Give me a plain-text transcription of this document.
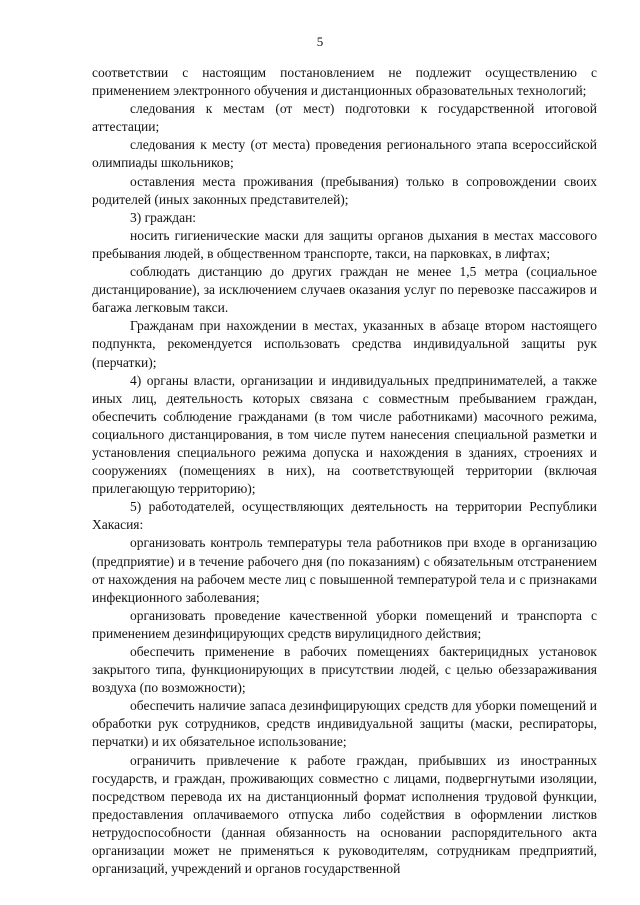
5

соответствии с настоящим постановлением не подлежит осуществлению с применением электронного обучения и дистанционных образовательных технологий;

следования к местам (от мест) подготовки к государственной итоговой аттестации;

следования к месту (от места) проведения регионального этапа всероссийской олимпиады школьников;

оставления места проживания (пребывания) только в сопровождении своих родителей (иных законных представителей);

3) граждан:

носить гигиенические маски для защиты органов дыхания в местах массового пребывания людей, в общественном транспорте, такси, на парковках, в лифтах;

соблюдать дистанцию до других граждан не менее 1,5 метра (социальное дистанцирование), за исключением случаев оказания услуг по перевозке пассажиров и багажа легковым такси.

Гражданам при нахождении в местах, указанных в абзаце втором настоящего подпункта, рекомендуется использовать средства индивидуальной защиты рук (перчатки);

4) органы власти, организации и индивидуальных предпринимателей, а также иных лиц, деятельность которых связана с совместным пребыванием граждан, обеспечить соблюдение гражданами (в том числе работниками) масочного режима, социального дистанцирования, в том числе путем нанесения специальной разметки и установления специального режима допуска и нахождения в зданиях, строениях и сооружениях (помещениях в них), на соответствующей территории (включая прилегающую территорию);

5) работодателей, осуществляющих деятельность на территории Республики Хакасия:

организовать контроль температуры тела работников при входе в организацию (предприятие) и в течение рабочего дня (по показаниям) с обязательным отстранением от нахождения на рабочем месте лиц с повышенной температурой тела и с признаками инфекционного заболевания;

организовать проведение качественной уборки помещений и транспорта с применением дезинфицирующих средств вирулицидного действия;

обеспечить применение в рабочих помещениях бактерицидных установок закрытого типа, функционирующих в присутствии людей, с целью обеззараживания воздуха (по возможности);

обеспечить наличие запаса дезинфицирующих средств для уборки помещений и обработки рук сотрудников, средств индивидуальной защиты (маски, респираторы, перчатки) и их обязательное использование;

ограничить привлечение к работе граждан, прибывших из иностранных государств, и граждан, проживающих совместно с лицами, подвергнутыми изоляции, посредством перевода их на дистанционный формат исполнения трудовой функции, предоставления оплачиваемого отпуска либо содействия в оформлении листков нетрудоспособности (данная обязанность на основании распорядительного акта организации может не применяться к руководителям, сотрудникам предприятий, организаций, учреждений и органов государственной
